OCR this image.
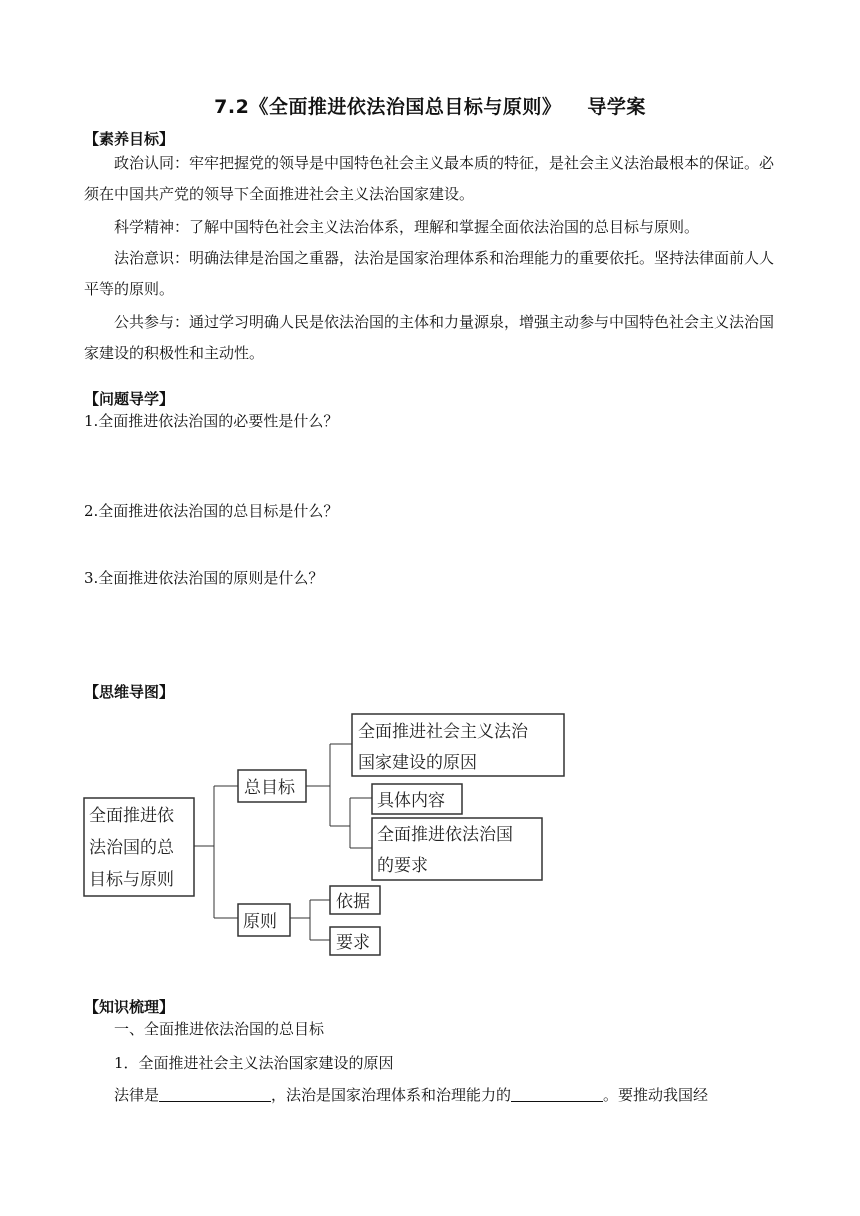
7.2《全面推进依法治国总目标与原则》 导学案
【素养目标】

政治认同：牢牢把握党的领导是中国特色社会主义最本质的特征，是社会主义法治最根本的保证。必须在中国共产党的领导下全面推进社会主义法治国家建设。

科学精神：了解中国特色社会主义法治体系，理解和掌握全面依法治国的总目标与原则。

法治意识：明确法律是治国之重器，法治是国家治理体系和治理能力的重要依托。坚持法律面前人人平等的原则。

公共参与：通过学习明确人民是依法治国的主体和力量源泉，增强主动参与中国特色社会主义法治国家建设的积极性和主动性。

【问题导学】
1.全面推进依法治国的必要性是什么？
2.全面推进依法治国的总目标是什么？
3.全面推进依法治国的原则是什么？
【思维导图】
全面推进依
法治国的总
目标与原则
总目标
全面推进社会主义法治
国家建设的原因
具体内容
全面推进依法治国
的要求
原则
依据
要求
【知识梳理】
一、全面推进依法治国的总目标
1．全面推进社会主义法治国家建设的原因
法律是	，法治是国家治理体系和治理能力的	。要推动我国经
